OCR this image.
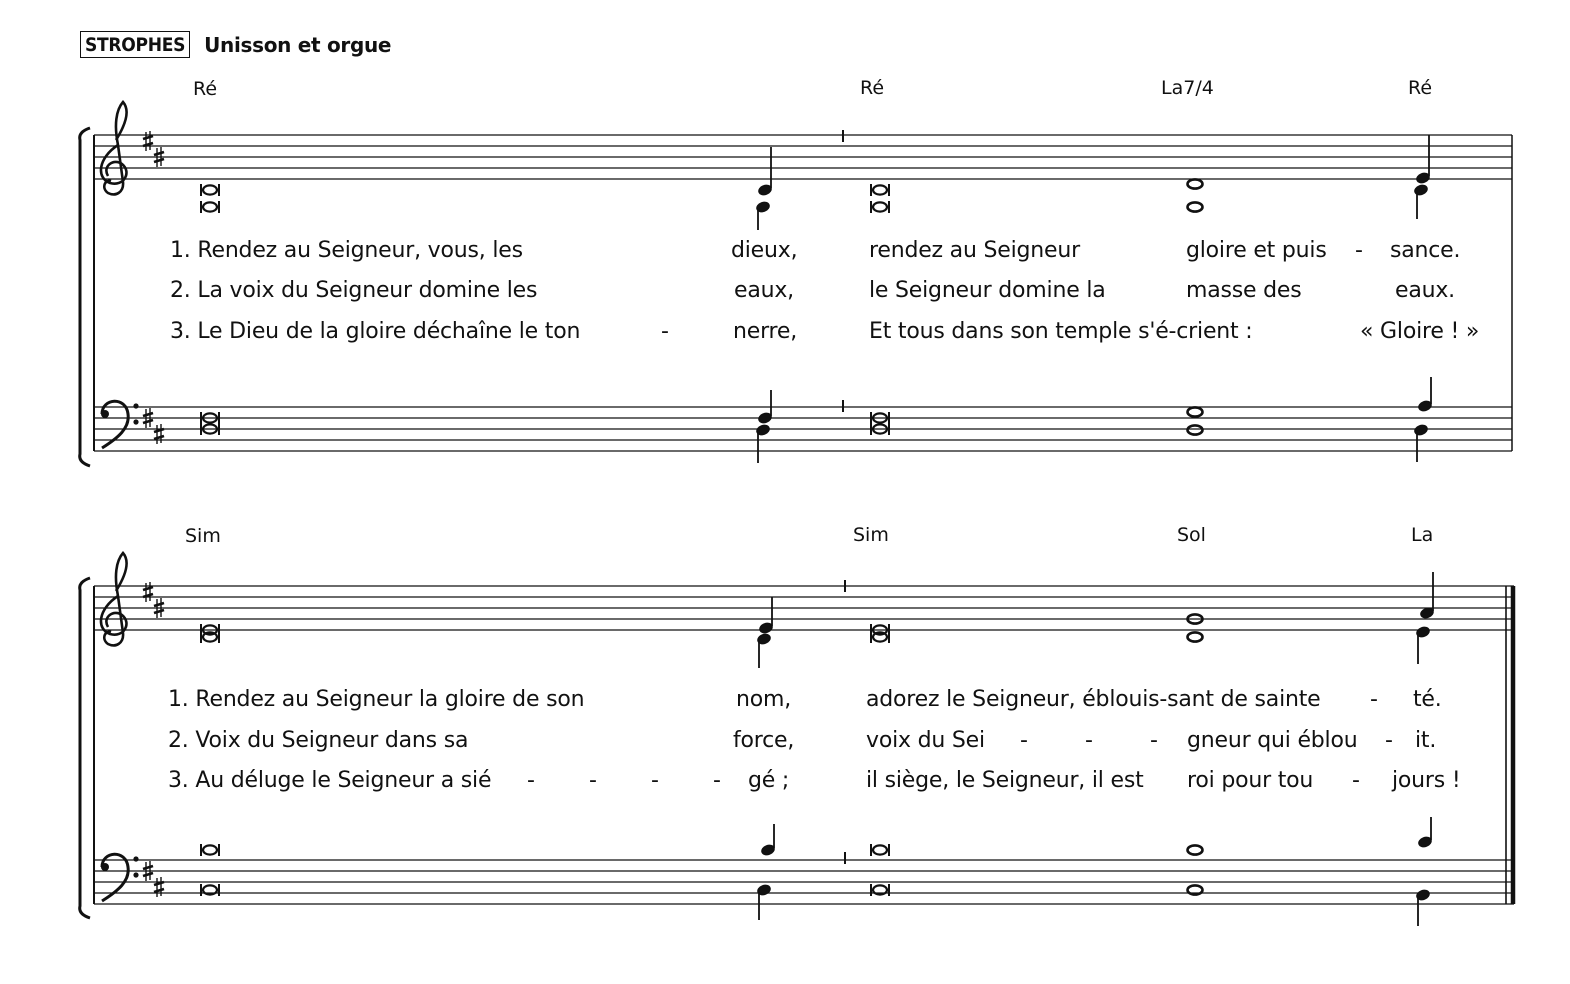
STROPHES Unisson et orgue
Ré	Ré	La7/4	Ré
Sim	Sim	Sol	La
1. Rendez au Seigneur, vous, les	dieux,	rendez au Seigneur	gloire et puis - sance.
2. La voix du Seigneur domine les	eaux,	le Seigneur domine la	masse des	eaux.
3. Le Dieu de la gloire déchaîne le ton	-	nerre,	Et tous dans son temple s'é-crient :	« Gloire ! »
1. Rendez au Seigneur la gloire de son	nom,	adorez le Seigneur, éblouis-sant de sainte - té.
2. Voix du Seigneur dans sa	force,	voix du Sei -	-	- gneur qui éblou - it.
3. Au déluge le Seigneur a sié - - - - gé ;	il siège, le Seigneur, il est roi pour tou - jours !
